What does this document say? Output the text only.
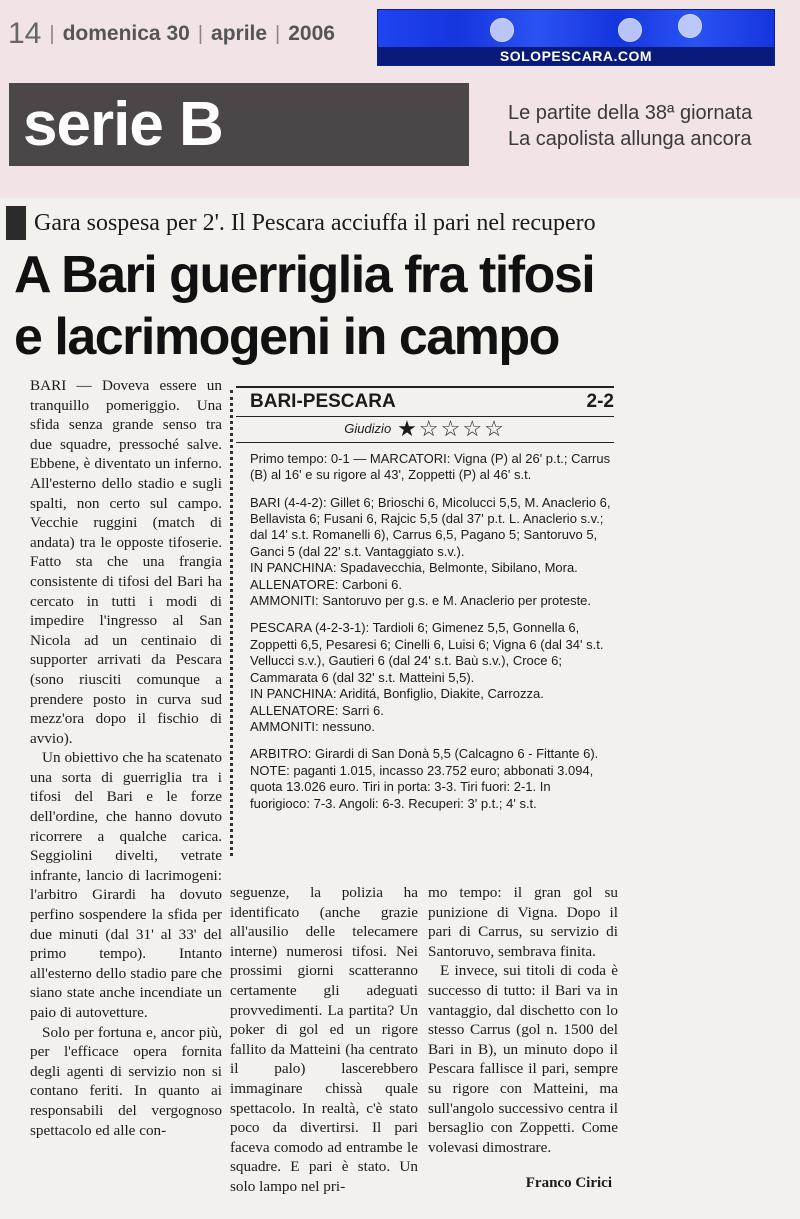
14 | domenica 30 | aprile | 2006
SOLOPESCARA.COM
serie B	Le partite della 38ª giornata
La capolista allunga ancora
Gara sospesa per 2'. Il Pescara acciuffa il pari nel recupero
A Bari guerriglia fra tifosi
e lacrimogeni in campo

BARI — Doveva essere un tranquillo pomeriggio. Una sfida senza grande senso tra due squadre, pressoché salve. Ebbene, è diventato un inferno. All'esterno dello stadio e sugli spalti, non certo sul campo. Vecchie ruggini (match di andata) tra le opposte tifoserie. Fatto sta che una frangia consistente di tifosi del Bari ha cercato in tutti i modi di impedire l'ingresso al San Nicola ad un centinaio di supporter arrivati da Pescara (sono riusciti comunque a prendere posto in curva sud mezz'ora dopo il fischio di avvio).

Un obiettivo che ha scatenato una sorta di guerriglia tra i tifosi del Bari e le forze dell'ordine, che hanno dovuto ricorrere a qualche carica. Seggiolini divelti, vetrate infrante, lancio di lacrimogeni: l'arbitro Girardi ha dovuto perfino sospendere la sfida per due minuti (dal 31' al 33' del primo tempo). Intanto all'esterno dello stadio pare che siano state anche incendiate un paio di autovetture.

Solo per fortuna e, ancor più, per l'efficace opera fornita degli agenti di servizio non si contano feriti. In quanto ai responsabili del vergognoso spettacolo ed alle con-

BARI-PESCARA	2-2
Giudizio ★☆☆☆☆

Primo tempo: 0-1 — MARCATORI: Vigna (P) al 26' p.t.; Carrus (B) al 16' e su rigore al 43', Zoppetti (P) al 46' s.t.

BARI (4-4-2): Gillet 6; Brioschi 6, Micolucci 5,5, M. Anaclerio 6, Bellavista 6; Fusani 6, Rajcic 5,5 (dal 37' p.t. L. Anaclerio s.v.; dal 14' s.t. Romanelli 6), Carrus 6,5, Pagano 5; Santoruvo 5, Ganci 5 (dal 22' s.t. Vantaggiato s.v.).

IN PANCHINA: Spadavecchia, Belmonte, Sibilano, Mora.

ALLENATORE: Carboni 6.

AMMONITI: Santoruvo per g.s. e M. Anaclerio per proteste.

PESCARA (4-2-3-1): Tardioli 6; Gimenez 5,5, Gonnella 6, Zoppetti 6,5, Pesaresi 6; Cinelli 6, Luisi 6; Vigna 6 (dal 34' s.t. Vellucci s.v.), Gautieri 6 (dal 24' s.t. Baù s.v.), Croce 6; Cammarata 6 (dal 32' s.t. Matteini 5,5).

IN PANCHINA: Ariditá, Bonfiglio, Diakite, Carrozza.

ALLENATORE: Sarri 6.

AMMONITI: nessuno.

ARBITRO: Girardi di San Donà 5,5 (Calcagno 6 - Fittante 6).

NOTE: paganti 1.015, incasso 23.752 euro; abbonati 3.094, quota 13.026 euro. Tiri in porta: 3-3. Tiri fuori: 2-1. In fuorigioco: 7-3. Angoli: 6-3. Recuperi: 3' p.t.; 4' s.t.

seguenze, la polizia ha identificato (anche grazie all'ausilio delle telecamere interne) numerosi tifosi. Nei prossimi giorni scatteranno certamente gli adeguati provvedimenti. La partita? Un poker di gol ed un rigore fallito da Matteini (ha centrato il palo) lascerebbero immaginare chissà quale spettacolo. In realtà, c'è stato poco da divertirsi. Il pari faceva comodo ad entrambe le squadre. E pari è stato. Un solo lampo nel pri-

mo tempo: il gran gol su punizione di Vigna. Dopo il pari di Carrus, su servizio di Santoruvo, sembrava finita.

E invece, sui titoli di coda è successo di tutto: il Bari va in vantaggio, dal dischetto con lo stesso Carrus (gol n. 1500 del Bari in B), un minuto dopo il Pescara fallisce il pari, sempre su rigore con Matteini, ma sull'angolo successivo centra il bersaglio con Zoppetti. Come volevasi dimostrare.

Franco Cirici
